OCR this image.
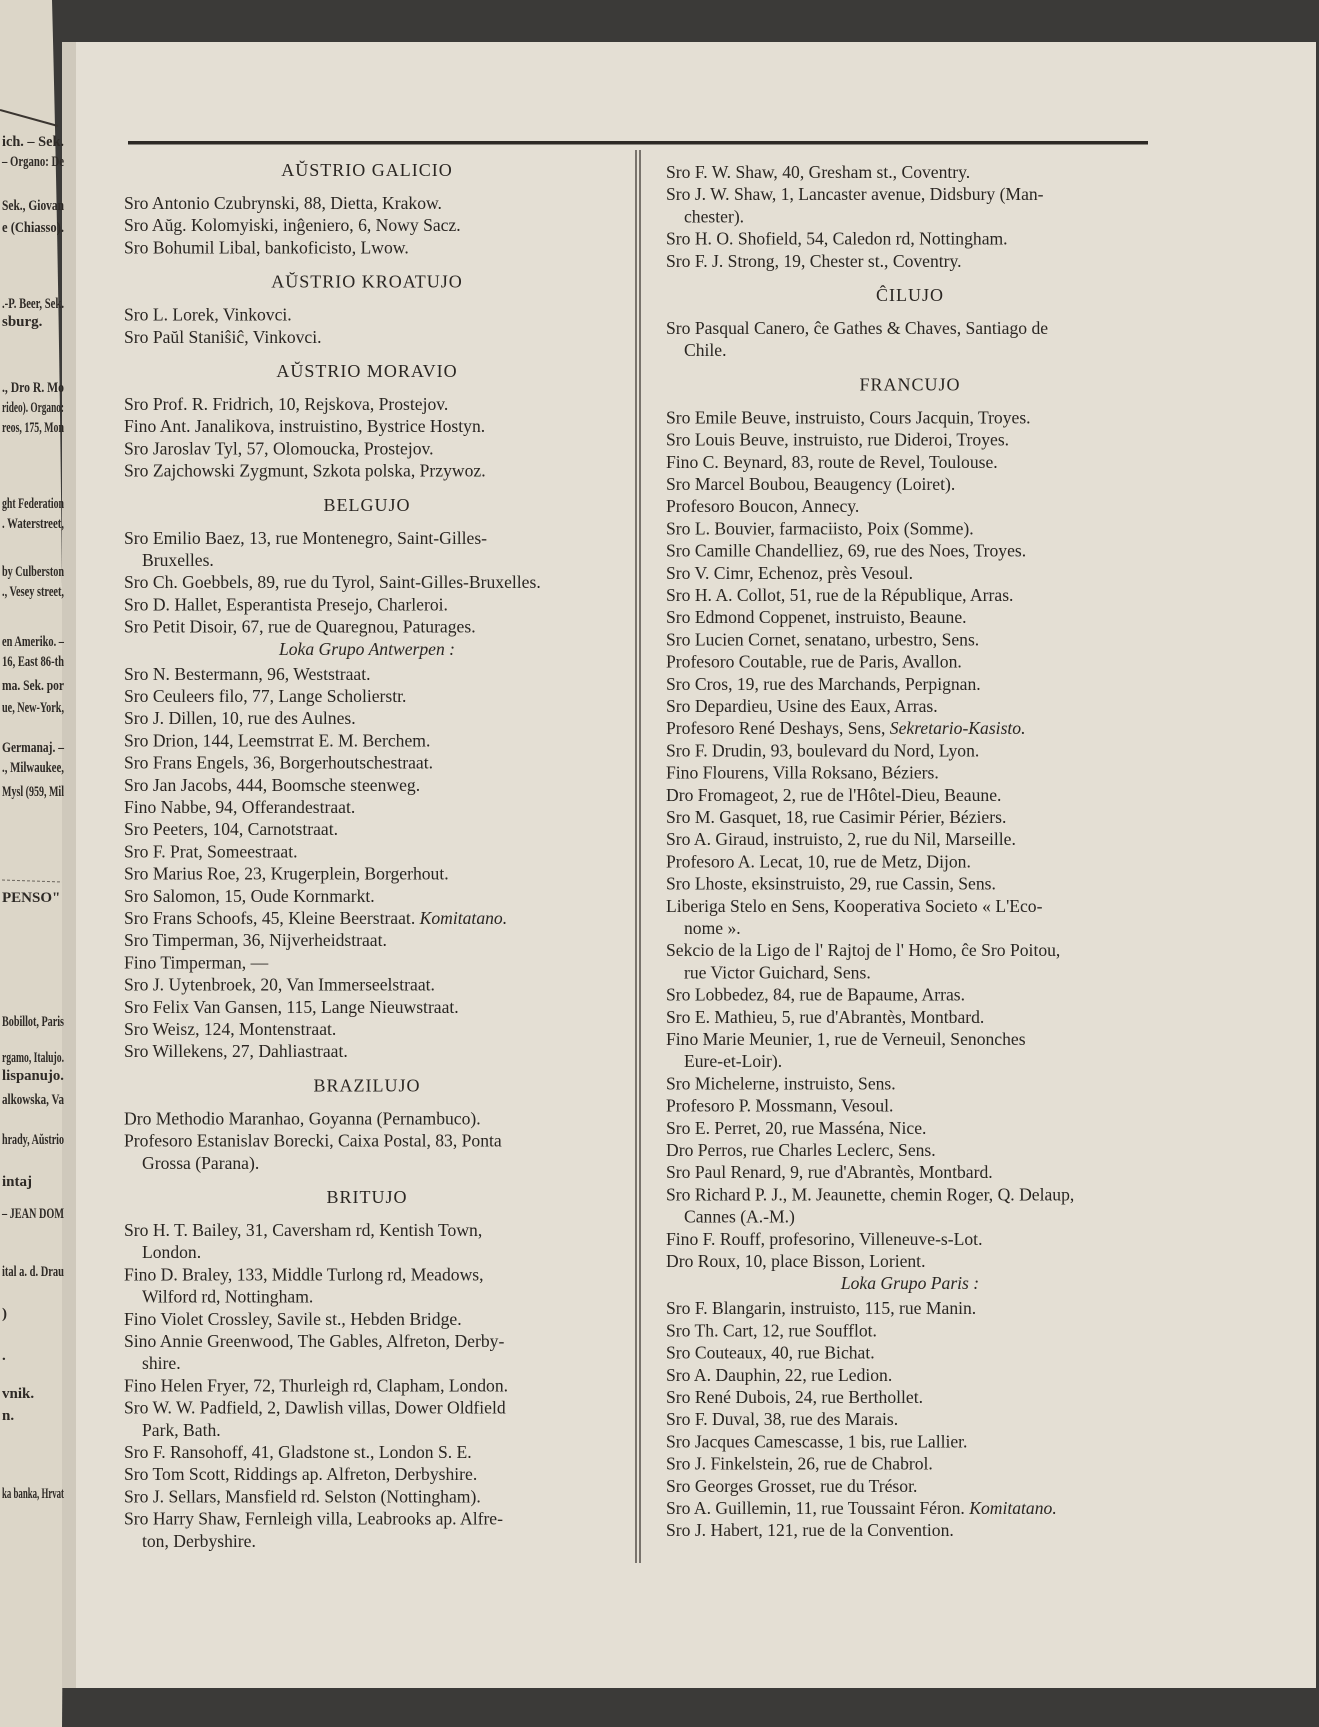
ich. – Sek.
– Organo: De
Sek., Giovan
e (Chiasso).
.-P. Beer, Sek.
sburg.
., Dro R. Mo
rideo). Organo:
reos, 175, Mon
ght Federation
. Waterstreet,
by Culberston
., Vesey street,
en Ameriko. –
16, East 86-th
ma. Sek. por
ue, New-York,
Germanaj. –
., Milwaukee,
Mysl (959, Mil
PENSO"
Bobillot, Paris
rgamo, Italujo.
lispanujo.
alkowska, Va
hrady, Aŭstrio
intaj
– JEAN DOM
ital a. d. Drau
)
.
vnik.
n.
ka banka, Hrvat
AŬSTRIO GALICIO
Sro Antonio Czubrynski, 88, Dietta, Krakow.
Sro Aŭg. Kolomyiski, inĝeniero, 6, Nowy Sacz.
Sro Bohumil Libal, bankoficisto, Lwow.
AŬSTRIO KROATUJO
Sro L. Lorek, Vinkovci.
Sro Paŭl Staniŝiĉ, Vinkovci.
AŬSTRIO MORAVIO
Sro Prof. R. Fridrich, 10, Rejskova, Prostejov.
Fino Ant. Janalikova, instruistino, Bystrice Hostyn.
Sro Jaroslav Tyl, 57, Olomoucka, Prostejov.
Sro Zajchowski Zygmunt, Szkota polska, Przywoz.
BELGUJO
Sro Emilio Baez, 13, rue Montenegro, Saint-Gilles-
Bruxelles.
Sro Ch. Goebbels, 89, rue du Tyrol, Saint-Gilles-Bruxelles.
Sro D. Hallet, Esperantista Presejo, Charleroi.
Sro Petit Disoir, 67, rue de Quaregnou, Paturages.
Loka Grupo Antwerpen :
Sro N. Bestermann, 96, Weststraat.
Sro Ceuleers filo, 77, Lange Scholierstr.
Sro J. Dillen, 10, rue des Aulnes.
Sro Drion, 144, Leemstrrat E. M. Berchem.
Sro Frans Engels, 36, Borgerhoutschestraat.
Sro Jan Jacobs, 444, Boomsche steenweg.
Fino Nabbe, 94, Offerandestraat.
Sro Peeters, 104, Carnotstraat.
Sro F. Prat, Someestraat.
Sro Marius Roe, 23, Krugerplein, Borgerhout.
Sro Salomon, 15, Oude Kornmarkt.
Sro Frans Schoofs, 45, Kleine Beerstraat. Komitatano.
Sro Timperman, 36, Nijverheidstraat.
Fino Timperman, —
Sro J. Uytenbroek, 20, Van Immerseelstraat.
Sro Felix Van Gansen, 115, Lange Nieuwstraat.
Sro Weisz, 124, Montenstraat.
Sro Willekens, 27, Dahliastraat.
BRAZILUJO
Dro Methodio Maranhao, Goyanna (Pernambuco).
Profesoro Estanislav Borecki, Caixa Postal, 83, Ponta
Grossa (Parana).
BRITUJO
Sro H. T. Bailey, 31, Caversham rd, Kentish Town,
London.
Fino D. Braley, 133, Middle Turlong rd, Meadows,
Wilford rd, Nottingham.
Fino Violet Crossley, Savile st., Hebden Bridge.
Sino Annie Greenwood, The Gables, Alfreton, Derby-
shire.
Fino Helen Fryer, 72, Thurleigh rd, Clapham, London.
Sro W. W. Padfield, 2, Dawlish villas, Dower Oldfield
Park, Bath.
Sro F. Ransohoff, 41, Gladstone st., London S. E.
Sro Tom Scott, Riddings ap. Alfreton, Derbyshire.
Sro J. Sellars, Mansfield rd. Selston (Nottingham).
Sro Harry Shaw, Fernleigh villa, Leabrooks ap. Alfre-
ton, Derbyshire.
Sro F. W. Shaw, 40, Gresham st., Coventry.
Sro J. W. Shaw, 1, Lancaster avenue, Didsbury (Man-
chester).
Sro H. O. Shofield, 54, Caledon rd, Nottingham.
Sro F. J. Strong, 19, Chester st., Coventry.
ĈILUJO
Sro Pasqual Canero, ĉe Gathes & Chaves, Santiago de
Chile.
FRANCUJO
Sro Emile Beuve, instruisto, Cours Jacquin, Troyes.
Sro Louis Beuve, instruisto, rue Dideroi, Troyes.
Fino C. Beynard, 83, route de Revel, Toulouse.
Sro Marcel Boubou, Beaugency (Loiret).
Profesoro Boucon, Annecy.
Sro L. Bouvier, farmaciisto, Poix (Somme).
Sro Camille Chandelliez, 69, rue des Noes, Troyes.
Sro V. Cimr, Echenoz, près Vesoul.
Sro H. A. Collot, 51, rue de la République, Arras.
Sro Edmond Coppenet, instruisto, Beaune.
Sro Lucien Cornet, senatano, urbestro, Sens.
Profesoro Coutable, rue de Paris, Avallon.
Sro Cros, 19, rue des Marchands, Perpignan.
Sro Depardieu, Usine des Eaux, Arras.
Profesoro René Deshays, Sens, Sekretario-Kasisto.
Sro F. Drudin, 93, boulevard du Nord, Lyon.
Fino Flourens, Villa Roksano, Béziers.
Dro Fromageot, 2, rue de l'Hôtel-Dieu, Beaune.
Sro M. Gasquet, 18, rue Casimir Périer, Béziers.
Sro A. Giraud, instruisto, 2, rue du Nil, Marseille.
Profesoro A. Lecat, 10, rue de Metz, Dijon.
Sro Lhoste, eksinstruisto, 29, rue Cassin, Sens.
Liberiga Stelo en Sens, Kooperativa Societo « L'Eco-
nome ».
Sekcio de la Ligo de l' Rajtoj de l' Homo, ĉe Sro Poitou,
rue Victor Guichard, Sens.
Sro Lobbedez, 84, rue de Bapaume, Arras.
Sro E. Mathieu, 5, rue d'Abrantès, Montbard.
Fino Marie Meunier, 1, rue de Verneuil, Senonches
Eure-et-Loir).
Sro Michelerne, instruisto, Sens.
Profesoro P. Mossmann, Vesoul.
Sro E. Perret, 20, rue Masséna, Nice.
Dro Perros, rue Charles Leclerc, Sens.
Sro Paul Renard, 9, rue d'Abrantès, Montbard.
Sro Richard P. J., M. Jeaunette, chemin Roger, Q. Delaup,
Cannes (A.-M.)
Fino F. Rouff, profesorino, Villeneuve-s-Lot.
Dro Roux, 10, place Bisson, Lorient.
Loka Grupo Paris :
Sro F. Blangarin, instruisto, 115, rue Manin.
Sro Th. Cart, 12, rue Soufflot.
Sro Couteaux, 40, rue Bichat.
Sro A. Dauphin, 22, rue Ledion.
Sro René Dubois, 24, rue Berthollet.
Sro F. Duval, 38, rue des Marais.
Sro Jacques Camescasse, 1 bis, rue Lallier.
Sro J. Finkelstein, 26, rue de Chabrol.
Sro Georges Grosset, rue du Trésor.
Sro A. Guillemin, 11, rue Toussaint Féron. Komitatano.
Sro J. Habert, 121, rue de la Convention.
